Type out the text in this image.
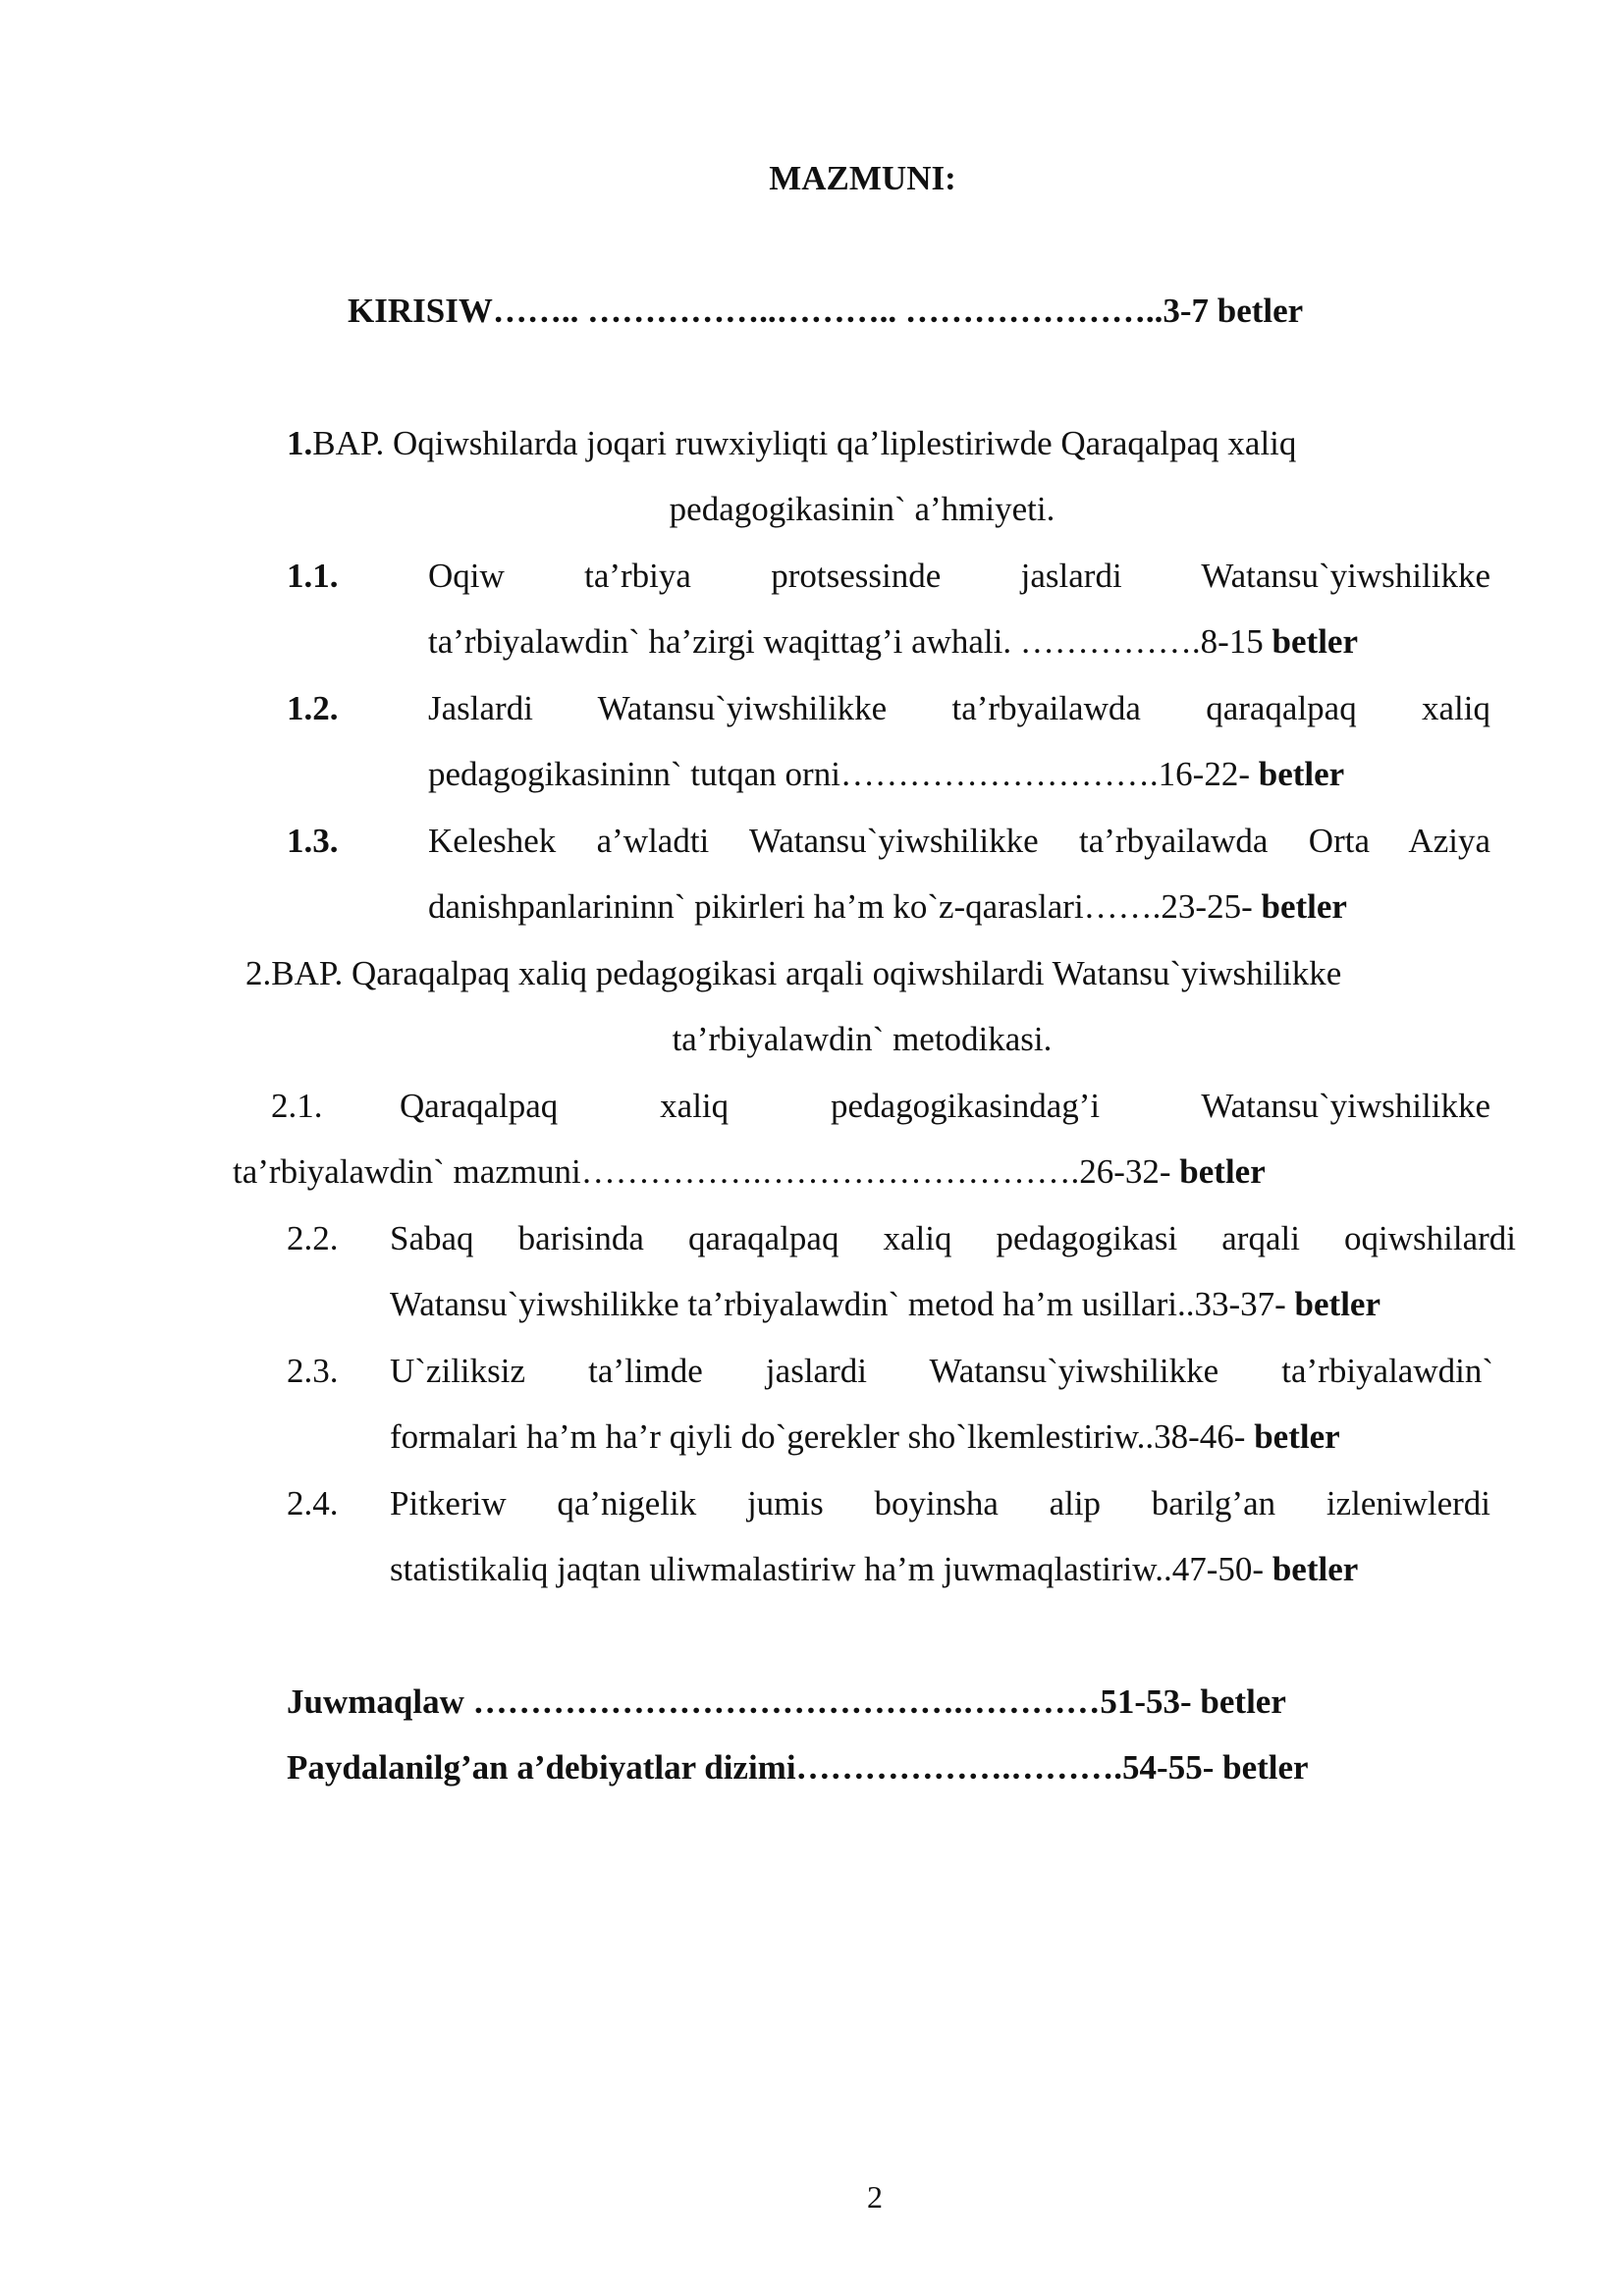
MAZMUNI:
KIRISIW…….. ……………..……….. …………………..3-7 betler
1.BAP. Oqiwshilarda joqari ruwxiyliqti qa’liplestiriwde Qaraqalpaq xaliq
pedagogikasinin` a’hmiyeti.
1.1.	Oqiw ta’rbiya protsessinde jaslardi Watansu`yiwshilikke
ta’rbiyalawdin` ha’zirgi waqittag’i awhali. …………….8-15 betler
1.2.	Jaslardi Watansu`yiwshilikke ta’rbyailawda qaraqalpaq xaliq
pedagogikasininn` tutqan orni……………………….16-22- betler
1.3.	Keleshek a’wladti Watansu`yiwshilikke ta’rbyailawda Orta Aziya
danishpanlarininn` pikirleri ha’m ko`z-qaraslari…….23-25- betler
2.BAP. Qaraqalpaq xaliq pedagogikasi arqali oqiwshilardi Watansu`yiwshilikke
ta’rbiyalawdin` metodikasi.
2.1. Qaraqalpaq xaliq pedagogikasindag’i Watansu`yiwshilikke
ta’rbiyalawdin` mazmuni…………….……………………….26-32- betler
2.2. Sabaq barisinda qaraqalpaq xaliq pedagogikasi arqali oqiwshilardi
Watansu`yiwshilikke ta’rbiyalawdin` metod ha’m usillari..33-37- betler
2.3. U`ziliksiz ta’limde jaslardi Watansu`yiwshilikke ta’rbiyalawdin`
formalari ha’m ha’r qiyli do`gerekler sho`lkemlestiriw..38-46- betler
2.4. Pitkeriw qa’nigelik jumis boyinsha alip barilg’an izleniwlerdi
statistikaliq jaqtan uliwmalastiriw ha’m juwmaqlastiriw..47-50- betler
Juwmaqlaw …………………………………….…………51-53- betler
Paydalanilg’an a’debiyatlar dizimi……………….……….54-55- betler
2
